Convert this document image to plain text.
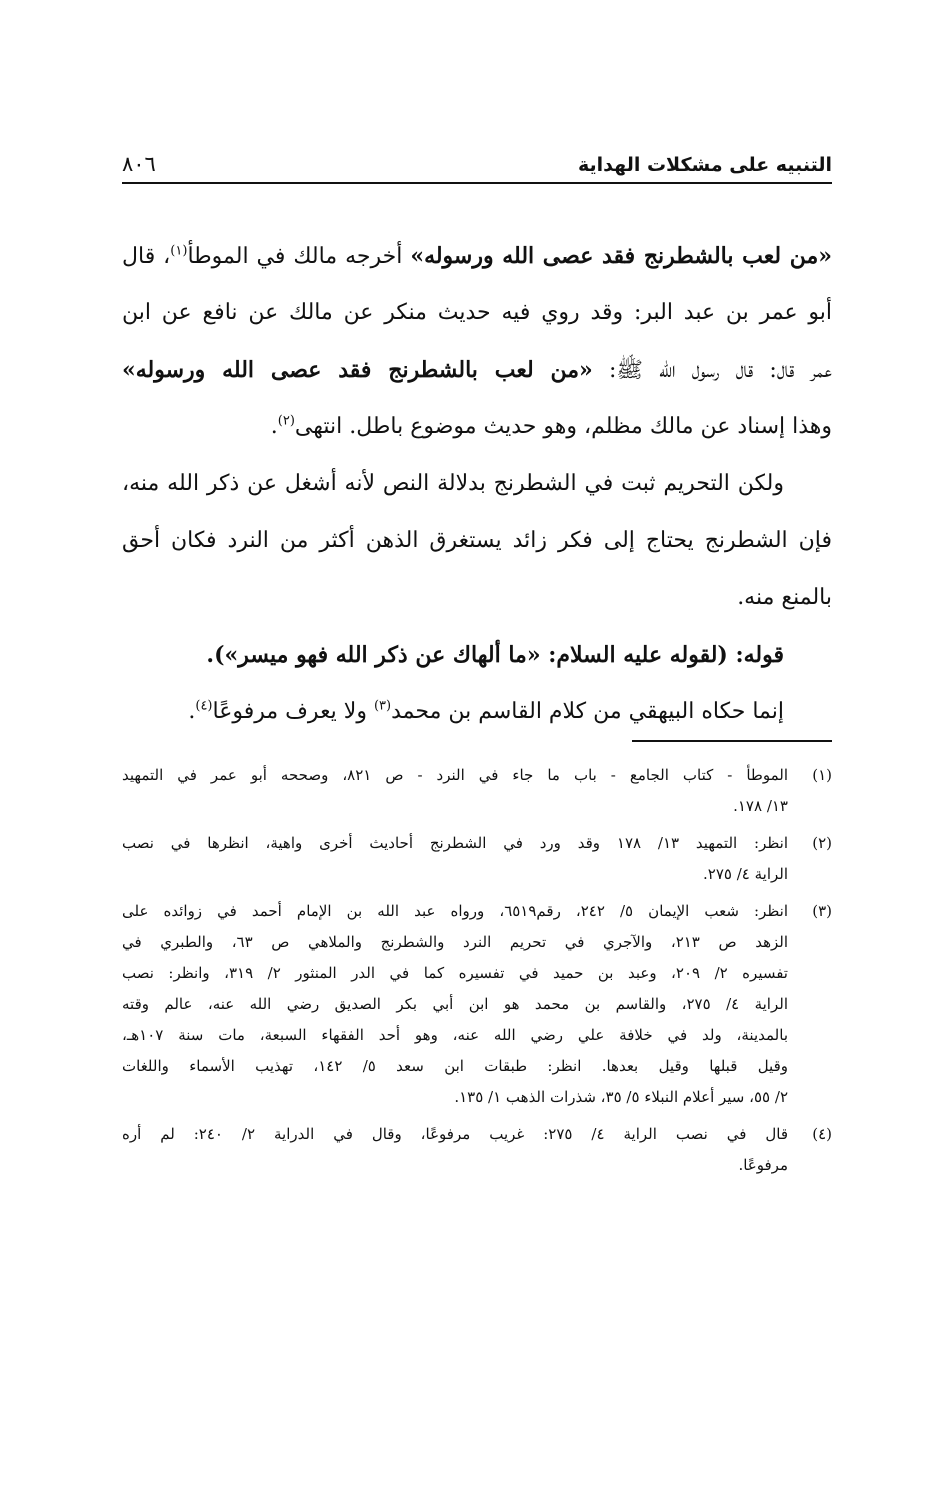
التنبيه على مشكلات الهداية
٨٠٦

«من لعب بالشطرنج فقد عصى الله ورسوله» أخرجه مالك في الموطأ$^{(١)}$، قال
أبو عمر بن عبد البر: وقد روي فيه حديث منكر عن مالك عن نافع عن ابن
عمر قال: قال رسول الله ﷺ: «من لعب بالشطرنج فقد عصى الله ورسوله»
وهذا إسناد عن مالك مظلم، وهو حديث موضوع باطل. انتهى$^{(٢)}$.

ولكن التحريم ثبت في الشطرنج بدلالة النص لأنه أشغل عن ذكر الله منه،
فإن الشطرنج يحتاج إلى فكر زائد يستغرق الذهن أكثر من النرد فكان أحق
بالمنع منه.

قوله: (لقوله عليه السلام: «ما ألهاك عن ذكر الله فهو ميسر»).

إنما حكاه البيهقي من كلام القاسم بن محمد$^{(٣)}$ ولا يعرف مرفوعًا$^{(٤)}$.

(١)
الموطأ - كتاب الجامع - باب ما جاء في النرد - ص ٨٢١، وصححه أبو عمر في التمهيد
١٣/ ١٧٨.
(٢)
انظر: التمهيد ١٣/ ١٧٨ وقد ورد في الشطرنج أحاديث أخرى واهية، انظرها في نصب
الراية ٤/ ٢٧٥.
(٣)
انظر: شعب الإيمان ٥/ ٢٤٢، رقم٦٥١٩، ورواه عبد الله بن الإمام أحمد في زوائده على
الزهد ص ٢١٣، والآجري في تحريم النرد والشطرنج والملاهي ص ٦٣، والطبري في
تفسيره ٢/ ٢٠٩، وعبد بن حميد في تفسيره كما في الدر المنثور ٢/ ٣١٩، وانظر: نصب
الراية ٤/ ٢٧٥، والقاسم بن محمد هو ابن أبي بكر الصديق رضي الله عنه، عالم وقته
بالمدينة، ولد في خلافة علي رضي الله عنه، وهو أحد الفقهاء السبعة، مات سنة ١٠٧هـ،
وقيل قبلها وقيل بعدها. انظر: طبقات ابن سعد ٥/ ١٤٢، تهذيب الأسماء واللغات
٢/ ٥٥، سير أعلام النبلاء ٥/ ٣٥، شذرات الذهب ١/ ١٣٥.
(٤)
قال في نصب الراية ٤/ ٢٧٥: غريب مرفوعًا، وقال في الدراية ٢/ ٢٤٠: لم أره
مرفوعًا.
